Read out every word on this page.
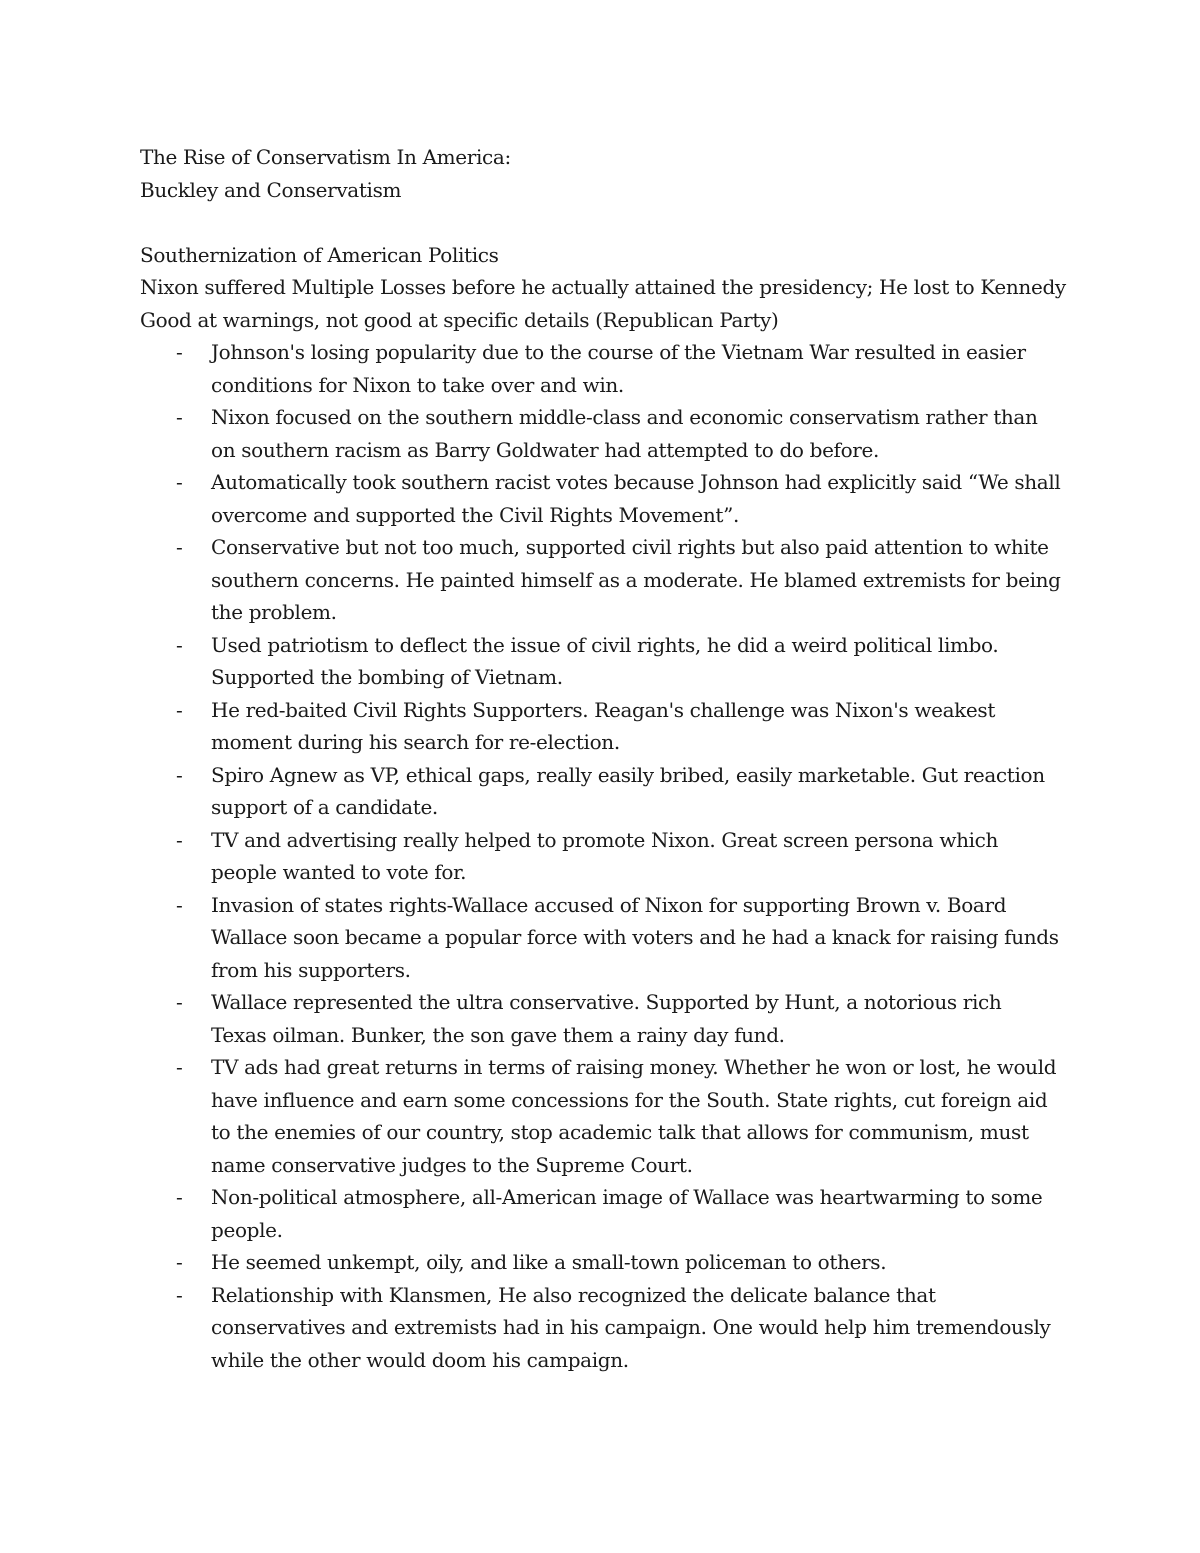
The Rise of Conservatism In America:
Buckley and Conservatism
Southernization of American Politics
Nixon suffered Multiple Losses before he actually attained the presidency; He lost to Kennedy
Good at warnings, not good at specific details (Republican Party)
- Johnson's losing popularity due to the course of the Vietnam War resulted in easier conditions for Nixon to take over and win.
- Nixon focused on the southern middle-class and economic conservatism rather than on southern racism as Barry Goldwater had attempted to do before.
- Automatically took southern racist votes because Johnson had explicitly said “We shall overcome and supported the Civil Rights Movement”.
- Conservative but not too much, supported civil rights but also paid attention to white southern concerns. He painted himself as a moderate. He blamed extremists for being the problem.
- Used patriotism to deflect the issue of civil rights, he did a weird political limbo. Supported the bombing of Vietnam.
- He red-baited Civil Rights Supporters. Reagan's challenge was Nixon's weakest moment during his search for re-election.
- Spiro Agnew as VP, ethical gaps, really easily bribed, easily marketable. Gut reaction support of a candidate.
- TV and advertising really helped to promote Nixon. Great screen persona which people wanted to vote for.
- Invasion of states rights-Wallace accused of Nixon for supporting Brown v. Board Wallace soon became a popular force with voters and he had a knack for raising funds from his supporters.
- Wallace represented the ultra conservative. Supported by Hunt, a notorious rich Texas oilman. Bunker, the son gave them a rainy day fund.
- TV ads had great returns in terms of raising money. Whether he won or lost, he would have influence and earn some concessions for the South. State rights, cut foreign aid to the enemies of our country, stop academic talk that allows for communism, must name conservative judges to the Supreme Court.
- Non-political atmosphere, all-American image of Wallace was heartwarming to some people.
- He seemed unkempt, oily, and like a small-town policeman to others.
- Relationship with Klansmen, He also recognized the delicate balance that conservatives and extremists had in his campaign. One would help him tremendously while the other would doom his campaign.
